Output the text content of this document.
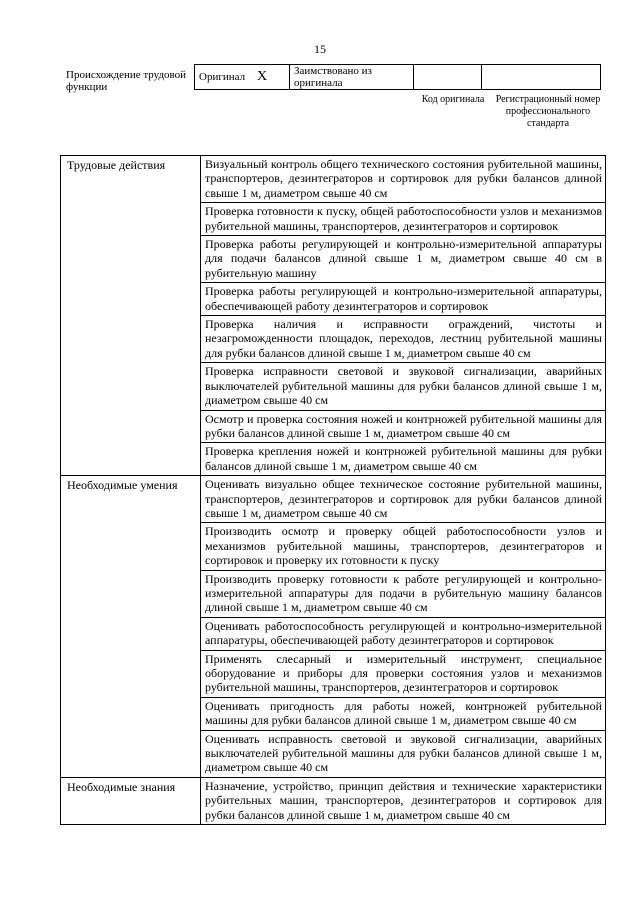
15
Происхождение трудовой функции
Оригинал X	Заимствовано из оригинала		
Код оригинала	Регистрационный номер профессионального стандарта
Трудовые действия	Визуальный контроль общего технического состояния рубительной машины, транспортеров, дезинтеграторов и сортировок для рубки балансов длиной свыше 1 м, диаметром свыше 40 см
	Проверка готовности к пуску, общей работоспособности узлов и механизмов рубительной машины, транспортеров, дезинтеграторов и сортировок
	Проверка работы регулирующей и контрольно-измерительной аппаратуры для подачи балансов длиной свыше 1 м, диаметром свыше 40 см в рубительную машину
	Проверка работы регулирующей и контрольно-измерительной аппаратуры, обеспечивающей работу дезинтеграторов и сортировок
	Проверка наличия и исправности ограждений, чистоты и незагроможденности площадок, переходов, лестниц рубительной машины для рубки балансов длиной свыше 1 м, диаметром свыше 40 см
	Проверка исправности световой и звуковой сигнализации, аварийных выключателей рубительной машины для рубки балансов длиной свыше 1 м, диаметром свыше 40 см
	Осмотр и проверка состояния ножей и контрножей рубительной машины для рубки балансов длиной свыше 1 м, диаметром свыше 40 см
	Проверка крепления ножей и контрножей рубительной машины для рубки балансов длиной свыше 1 м, диаметром свыше 40 см
Необходимые умения	Оценивать визуально общее техническое состояние рубительной машины, транспортеров, дезинтеграторов и сортировок для рубки балансов длиной свыше 1 м, диаметром свыше 40 см
	Производить осмотр и проверку общей работоспособности узлов и механизмов рубительной машины, транспортеров, дезинтеграторов и сортировок и проверку их готовности к пуску
	Производить проверку готовности к работе регулирующей и контрольно-измерительной аппаратуры для подачи в рубительную машину балансов длиной свыше 1 м, диаметром свыше 40 см
	Оценивать работоспособность регулирующей и контрольно-измерительной аппаратуры, обеспечивающей работу дезинтеграторов и сортировок
	Применять слесарный и измерительный инструмент, специальное оборудование и приборы для проверки состояния узлов и механизмов рубительной машины, транспортеров, дезинтеграторов и сортировок
	Оценивать пригодность для работы ножей, контрножей рубительной машины для рубки балансов длиной свыше 1 м, диаметром свыше 40 см
	Оценивать исправность световой и звуковой сигнализации, аварийных выключателей рубительной машины для рубки балансов длиной свыше 1 м, диаметром свыше 40 см
Необходимые знания	Назначение, устройство, принцип действия и технические характеристики рубительных машин, транспортеров, дезинтеграторов и сортировок для рубки балансов длиной свыше 1 м, диаметром свыше 40 см
